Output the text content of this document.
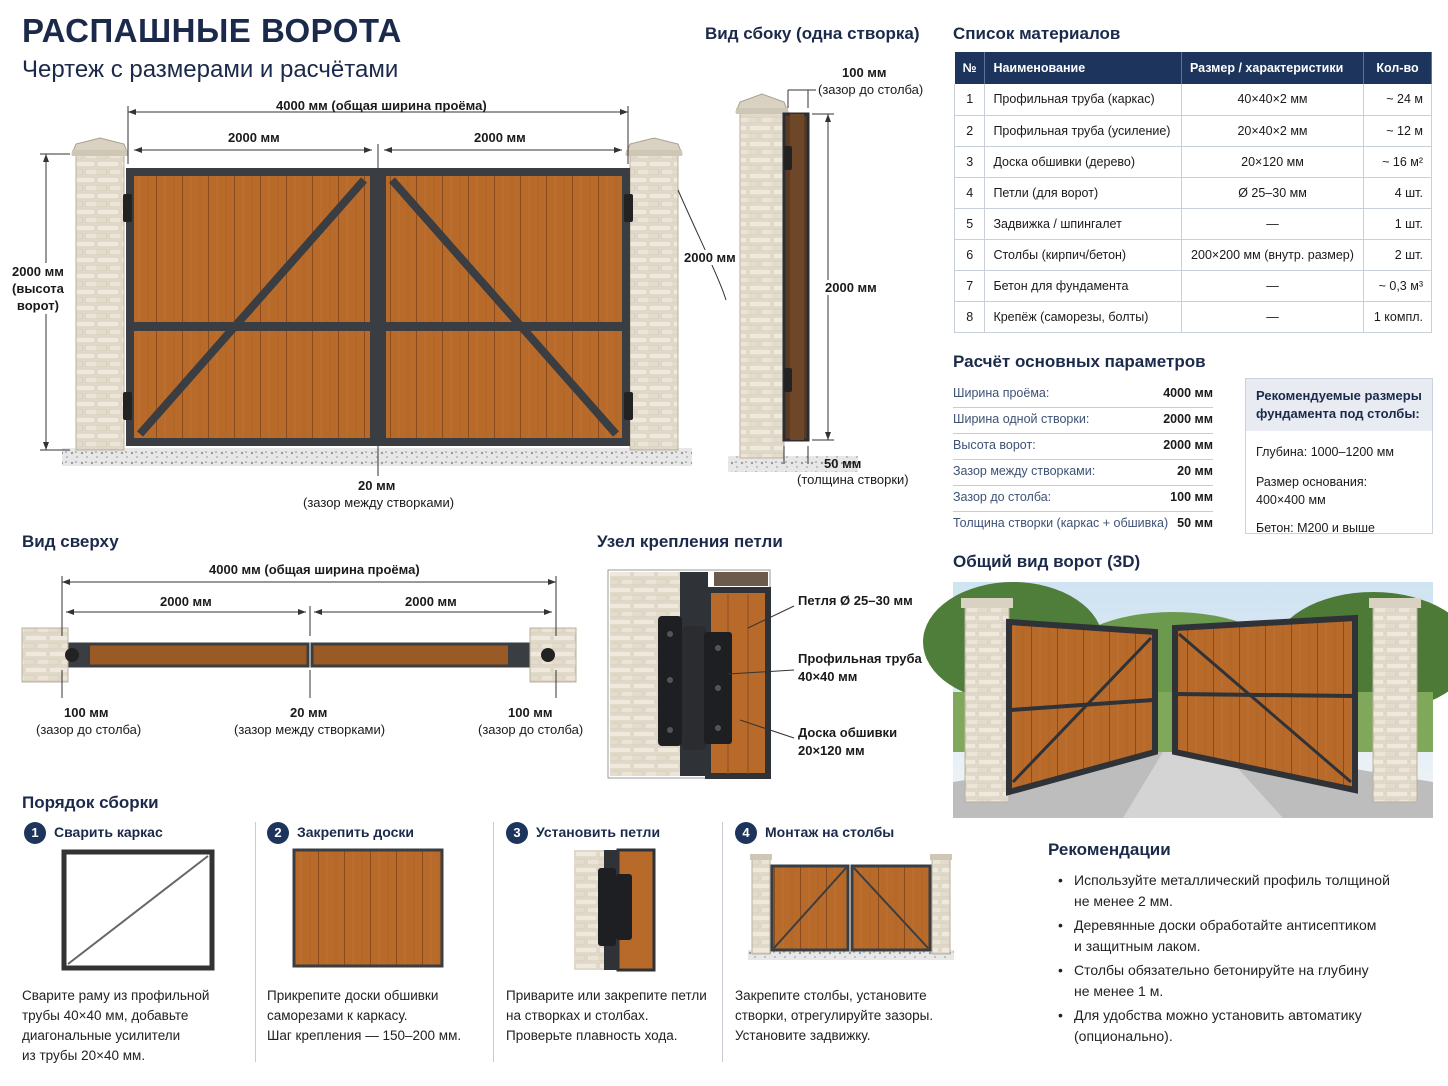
РАСПАШНЫЕ ВОРОТА
Чертеж с размерами и расчётами
4000 мм (общая ширина проёма)
2000 мм	2000 мм
2000 мм
(высота
ворот)
20 мм
(зазор между створками)
2000 мм
Вид сбоку (одна створка)
100 мм
(зазор до столба)
2000 мм
50 мм
(толщина створки)
Вид сверху
4000 мм (общая ширина проёма)
2000 мм	2000 мм
100 мм
(зазор до столба)
20 мм
(зазор между створками)
100 мм
(зазор до столба)
Узел крепления петли
Петля Ø 25–30 мм
Профильная труба
40×40 мм
Доска обшивки
20×120 мм
Список материалов
№	Наименование	Размер / характеристики	Кол-во
1	Профильная труба (каркас)	40×40×2 мм	~ 24 м
2	Профильная труба (усиление)	20×40×2 мм	~ 12 м
3	Доска обшивки (дерево)	20×120 мм	~ 16 м²
4	Петли (для ворот)	Ø 25–30 мм	4 шт.
5	Задвижка / шпингалет	—	1 шт.
6	Столбы (кирпич/бетон)	200×200 мм (внутр. размер)	2 шт.
7	Бетон для фундамента	—	~ 0,3 м³
8	Крепёж (саморезы, болты)	—	1 компл.
Расчёт основных параметров
Ширина проёма:	4000 мм
Ширина одной створки:	2000 мм
Высота ворот:	2000 мм
Зазор между створками:	20 мм
Зазор до столба:	100 мм
Толщина створки (каркас + обшивка) 50 мм
Рекомендуемые размеры фундамента под столбы:
Глубина: 1000–1200 мм
Размер основания:
400×400 мм
Бетон: М200 и выше
Общий вид ворот (3D)
Порядок сборки
1 Сварить каркас
Сварите раму из профильной
трубы 40×40 мм, добавьте
диагональные усилители
из трубы 20×40 мм.
2 Закрепить доски
Прикрепите доски обшивки
саморезами к каркасу.
Шаг крепления — 150–200 мм.
3 Установить петли
Приварите или закрепите петли
на створках и столбах.
Проверьте плавность хода.
4 Монтаж на столбы
Закрепите столбы, установите
створки, отрегулируйте зазоры.
Установите задвижку.
Рекомендации
• Используйте металлический профиль толщиной
не менее 2 мм.
• Деревянные доски обработайте антисептиком
и защитным лаком.
• Столбы обязательно бетонируйте на глубину
не менее 1 м.
• Для удобства можно установить автоматику
(опционально).
